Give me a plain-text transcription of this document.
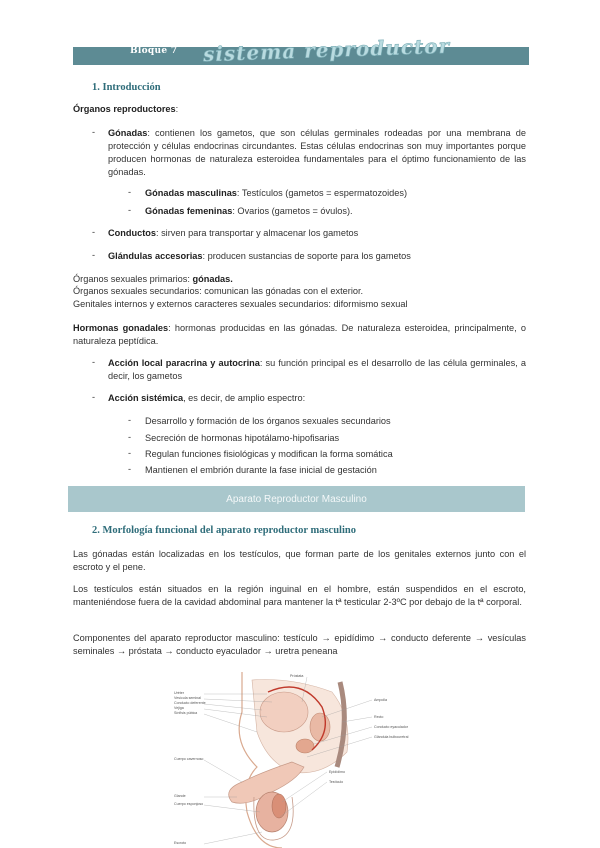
Bloque 7 sistema reproductor
1. Introducción
Órganos reproductores:
- Gónadas: contienen los gametos, que son células germinales rodeadas por una membrana de protección y células endocrinas circundantes. Estas células endocrinas son muy importantes porque producen hormonas de naturaleza esteroidea fundamentales para el óptimo funcionamiento de las gónadas.
- Gónadas masculinas: Testículos (gametos = espermatozoides)
- Gónadas femeninas: Ovarios (gametos = óvulos).
- Conductos: sirven para transportar y almacenar los gametos
- Glándulas accesorias: producen sustancias de soporte para los gametos
Órganos sexuales primarios: gónadas.
Órganos sexuales secundarios: comunican las gónadas con el exterior.
Genitales internos y externos caracteres sexuales secundarios: diformismo sexual
Hormonas gonadales: hormonas producidas en las gónadas. De naturaleza esteroidea, principalmente, o naturaleza peptídica.
- Acción local paracrina y autocrina: su función principal es el desarrollo de las célula germinales, a decir, los gametos
- Acción sistémica, es decir, de amplio espectro:
- Desarrollo y formación de los órganos sexuales secundarios
- Secreción de hormonas hipotálamo-hipofisarias
- Regulan funciones fisiológicas y modifican la forma somática
- Mantienen el embrión durante la fase inicial de gestación
Aparato Reproductor Masculino
2. Morfología funcional del aparato reproductor masculino
Las gónadas están localizadas en los testículos, que forman parte de los genitales externos junto con el escroto y el pene.
Los testículos están situados en la región inguinal en el hombre, están suspendidos en el escroto, manteniéndose fuera de la cavidad abdominal para mantener la tª testicular 2-3ºC por debajo de la tª corporal.
Componentes del aparato reproductor masculino: testículo → epidídimo → conducto deferente → vesículas seminales → próstata → conducto eyaculador → uretra peneana
Uréter
Vesícula seminal
Conducto deferente
Vejiga
Sínfisis púbica
Cuerpo cavernoso
Glande
Cuerpo esponjoso
Escroto
Próstata
Ampolla
Recto
Conducto eyaculador
Glándula bulbouretral
Epidídimo
Testículo
